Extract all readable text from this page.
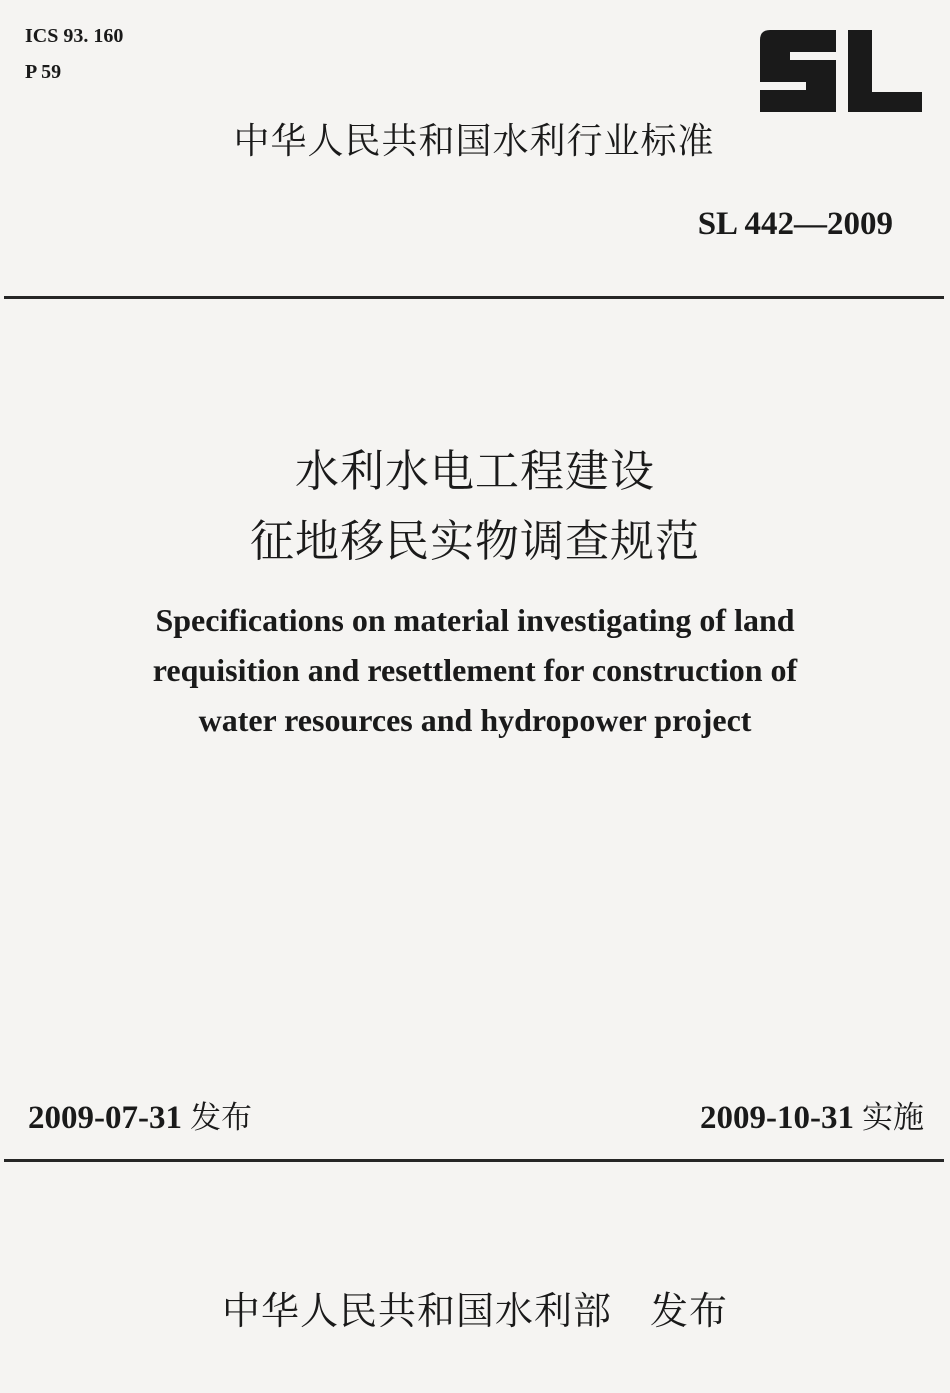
ICS 93. 160
P 59
中华人民共和国水利行业标准
SL 442—2009
水利水电工程建设
征地移民实物调查规范
Specifications on material investigating of land
requisition and resettlement for construction of
water resources and hydropower project
2009-07-31 发布	2009-10-31 实施
中华人民共和国水利部 发布
